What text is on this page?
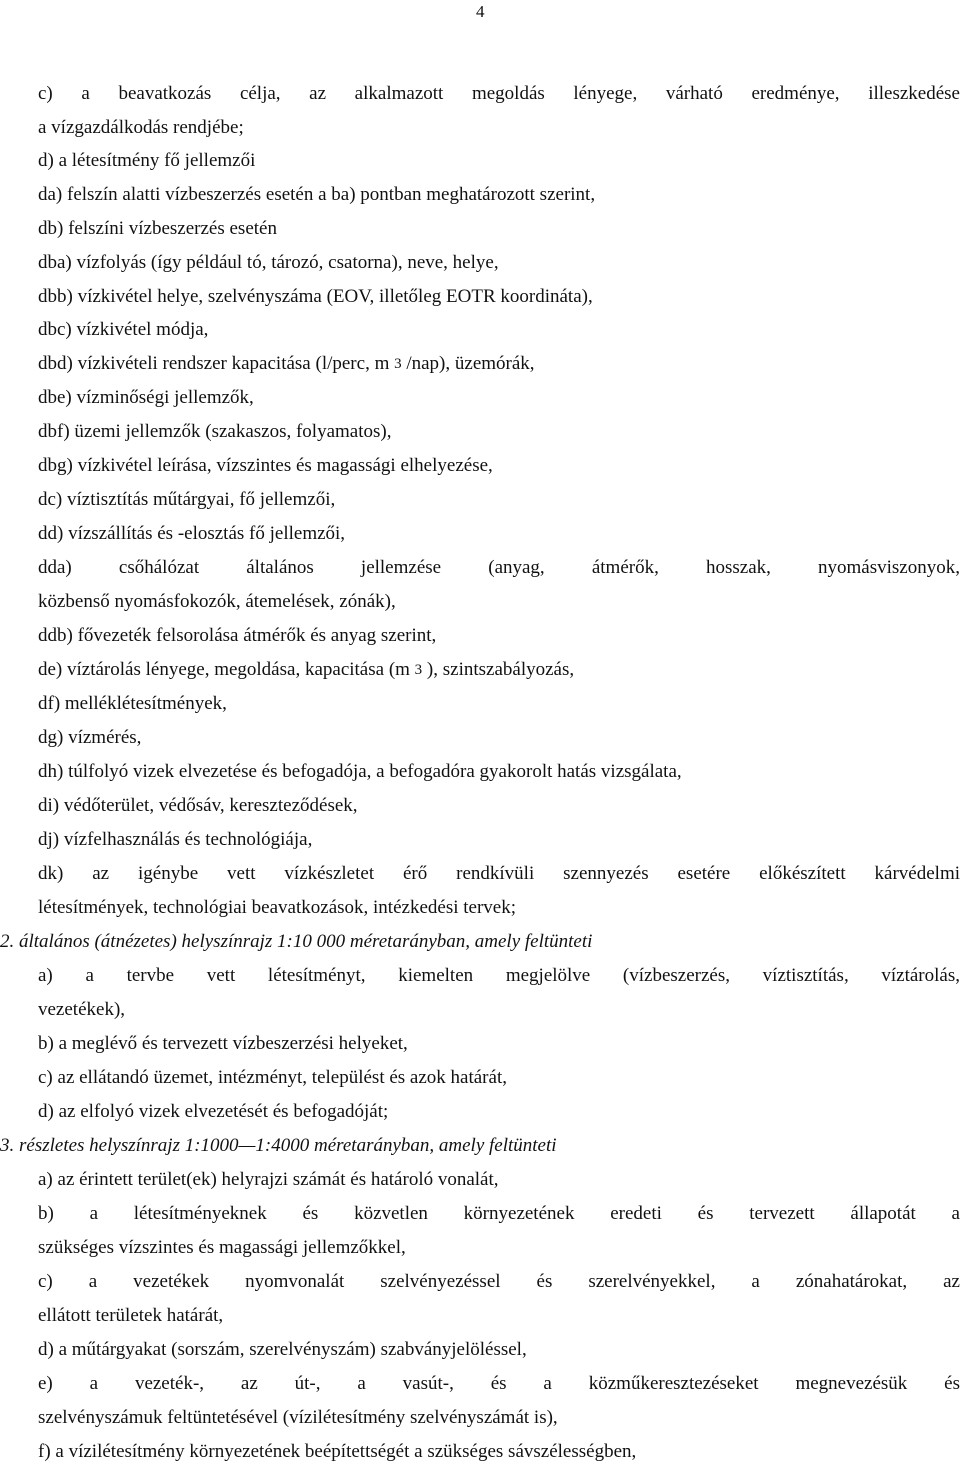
4
c) a beavatkozás célja, az alkalmazott megoldás lényege, várható eredménye, illeszkedése
a vízgazdálkodás rendjébe;
d) a létesítmény fő jellemzői
da) felszín alatti vízbeszerzés esetén a ba) pontban meghatározott szerint,
db) felszíni vízbeszerzés esetén
dba) vízfolyás (így például tó, tározó, csatorna), neve, helye,
dbb) vízkivétel helye, szelvényszáma (EOV, illetőleg EOTR koordináta),
dbc) vízkivétel módja,
dbd) vízkivételi rendszer kapacitása (l/perc, m $^3$ /nap), üzemórák,
dbe) vízminőségi jellemzők,
dbf) üzemi jellemzők (szakaszos, folyamatos),
dbg) vízkivétel leírása, vízszintes és magassági elhelyezése,
dc) víztisztítás műtárgyai, fő jellemzői,
dd) vízszállítás és -elosztás fő jellemzői,
dda) csőhálózat általános jellemzése (anyag, átmérők, hosszak, nyomásviszonyok,
közbenső nyomásfokozók, átemelések, zónák),
ddb) fővezeték felsorolása átmérők és anyag szerint,
de) víztárolás lényege, megoldása, kapacitása (m $^3$ ), szintszabályozás,
df) melléklétesítmények,
dg) vízmérés,
dh) túlfolyó vizek elvezetése és befogadója, a befogadóra gyakorolt hatás vizsgálata,
di) védőterület, védősáv, kereszteződések,
dj) vízfelhasználás és technológiája,
dk) az igénybe vett vízkészletet érő rendkívüli szennyezés esetére előkészített kárvédelmi
létesítmények, technológiai beavatkozások, intézkedési tervek;
2. általános (átnézetes) helyszínrajz 1:10 000 méretarányban, amely feltünteti
a) a tervbe vett létesítményt, kiemelten megjelölve (vízbeszerzés, víztisztítás, víztárolás,
vezetékek),
b) a meglévő és tervezett vízbeszerzési helyeket,
c) az ellátandó üzemet, intézményt, települést és azok határát,
d) az elfolyó vizek elvezetését és befogadóját;
3. részletes helyszínrajz 1:1000—1:4000 méretarányban, amely feltünteti
a) az érintett terület(ek) helyrajzi számát és határoló vonalát,
b) a létesítményeknek és közvetlen környezetének eredeti és tervezett állapotát a
szükséges vízszintes és magassági jellemzőkkel,
c) a vezetékek nyomvonalát szelvényezéssel és szerelvényekkel, a zónahatárokat, az
ellátott területek határát,
d) a műtárgyakat (sorszám, szerelvényszám) szabványjelöléssel,
e) a vezeték-, az út-, a vasút-, és a közműkeresztezéseket megnevezésük és
szelvényszámuk feltüntetésével (vízilétesítmény szelvényszámát is),
f) a vízilétesítmény környezetének beépítettségét a szükséges sávszélességben,
